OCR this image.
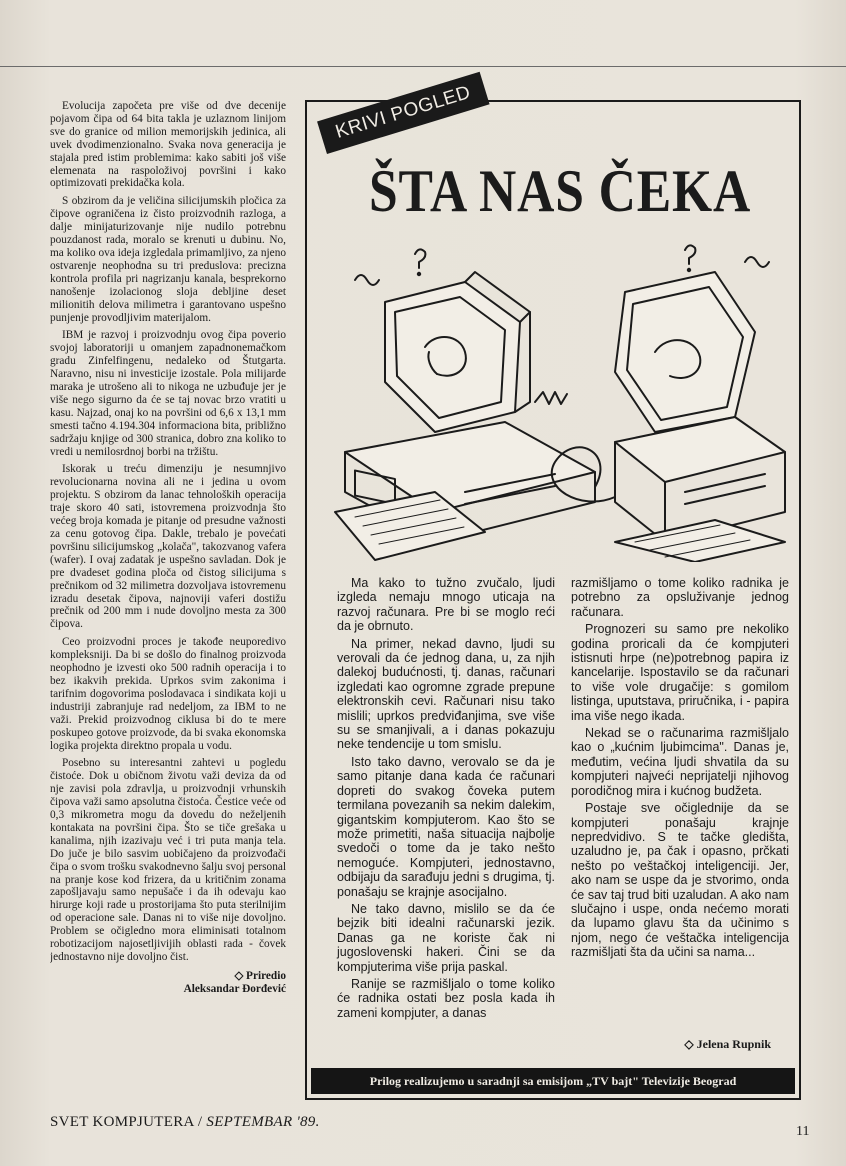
Evolucija započeta pre više od dve decenije pojavom čipa od 64 bita takla je uzlaznom linijom sve do granice od milion memorijskih jedinica, ali uvek dvodimenzionalno. Svaka nova generacija je stajala pred istim problemima: kako sabiti još više elemenata na raspoloživoj površini i kako optimizovati prekidačka kola.

S obzirom da je veličina silicijumskih pločica za čipove ograničena iz čisto proizvodnih razloga, a dalje minijaturizovanje nije nudilo potrebnu pouzdanost rada, moralo se krenuti u dubinu. No, ma koliko ova ideja izgledala primamljivo, za njeno ostvarenje neophodna su tri preduslova: precizna kontrola profila pri nagrizanju kanala, besprekorno nanošenje izolacionog sloja debljine deset milionitih delova milimetra i garantovano uspešno punjenje provodljivim materijalom.

IBM je razvoj i proizvodnju ovog čipa poverio svojoj laboratoriji u omanjem zapadnonemačkom gradu Zinfelfingenu, nedaleko od Štutgarta. Naravno, nisu ni investicije izostale. Pola milijarde maraka je utrošeno ali to nikoga ne uzbuđuje jer je više nego sigurno da će se taj novac brzo vratiti u kasu. Najzad, onaj ko na površini od 6,6 x 13,1 mm smesti tačno 4.194.304 informaciona bita, približno sadržaju knjige od 300 stranica, dobro zna koliko to vredi u nemilosrdnoj borbi na tržištu.

Iskorak u treću dimenziju je nesumnjivo revolucionarna novina ali ne i jedina u ovom projektu. S obzirom da lanac tehnoloških operacija traje skoro 40 sati, istovremena proizvodnja što većeg broja komada je pitanje od presudne važnosti za cenu gotovog čipa. Dakle, trebalo je povećati površinu silicijumskog „kolača", takozvanog vafera (wafer). I ovaj zadatak je uspešno savladan. Dok je pre dvadeset godina ploča od čistog silicijuma s prečnikom od 32 milimetra dozvoljava istovremenu izradu desetak čipova, najnoviji vaferi dostižu prečnik od 200 mm i nude dovoljno mesta za 300 čipova.

Ceo proizvodni proces je takođe neuporedivo kompleksniji. Da bi se došlo do finalnog proizvoda neophodno je izvesti oko 500 radnih operacija i to bez ikakvih prekida. Uprkos svim zakonima i tarifnim dogovorima poslodavaca i sindikata koji u industriji zabranjuje rad nedeljom, za IBM to ne važi. Prekid proizvodnog ciklusa bi do te mere poskupeo gotove proizvode, da bi svaka ekonomska logika projekta direktno propala u vodu.

Posebno su interesantni zahtevi u pogledu čistoće. Dok u običnom životu važi deviza da od nje zavisi pola zdravlja, u proizvodnji vrhunskih čipova važi samo apsolutna čistoća. Čestice veće od 0,3 mikrometra mogu da dovedu do neželjenih kontakata na površini čipa. Što se tiče grešaka u kanalima, njih izazivaju već i tri puta manja tela. Do juče je bilo sasvim uobičajeno da proizvođači čipa o svom trošku svakodnevno šalju svoj personal na pranje kose kod frizera, da u kritičnim zonama zapošljavaju samo nepušače i da ih odevaju kao hirurge koji rade u prostorijama što puta sterilnijim od operacione sale. Danas ni to više nije dovoljno. Problem se očigledno mora eliminisati totalnom robotizacijom najosetljivijih oblasti rada - čovek jednostavno nije dovoljno čist.

◇ Priredio
Aleksandar Đorđević

KRIVI POGLED
ŠTA NAS ČEKA

Ma kako to tužno zvučalo, ljudi izgleda nemaju mnogo uticaja na razvoj računara. Pre bi se moglo reći da je obrnuto.

Na primer, nekad davno, ljudi su verovali da će jednog dana, u, za njih dalekoj budućnosti, tj. danas, računari izgledati kao ogromne zgrade prepune elektronskih cevi. Računari nisu tako mislili; uprkos predviđanjima, sve više su se smanjivali, a i danas pokazuju neke tendencije u tom smislu.

Isto tako davno, verovalo se da je samo pitanje dana kada će računari dopreti do svakog čoveka putem termilana povezanih sa nekim dalekim, gigantskim kompjuterom. Kao što se može primetiti, naša situacija najbolje svedoči o tome da je tako nešto nemoguće. Kompjuteri, jednostavno, odbijaju da sarađuju jedni s drugima, tj. ponašaju se krajnje asocijalno.

Ne tako davno, mislilo se da će bejzik biti idealni računarski jezik. Danas ga ne koriste čak ni jugoslovenski hakeri. Čini se da kompjuterima više prija paskal.

Ranije se razmišljalo o tome koliko će radnika ostati bez posla kada ih zameni kompjuter, a danas

razmišljamo o tome koliko radnika je potrebno za opsluživanje jednog računara.

Prognozeri su samo pre nekoliko godina proricali da će kompjuteri istisnuti hrpe (ne)potrebnog papira iz kancelarije. Ispostavilo se da računari to više vole drugačije: s gomilom listinga, uputstava, priručnika, i - papira ima više nego ikada.

Nekad se o računarima razmišljalo kao o „kućnim ljubimcima". Danas je, međutim, većina ljudi shvatila da su kompjuteri najveći neprijatelji njihovog porodičnog mira i kućnog budžeta.

Postaje sve očiglednije da se kompjuteri ponašaju krajnje nepredvidivo. S te tačke gledišta, uzaludno je, pa čak i opasno, prčkati nešto po veštačkoj inteligenciji. Jer, ako nam se uspe da je stvorimo, onda će sav taj trud biti uzaludan. A ako nam slučajno i uspe, onda nećemo morati da lupamo glavu šta da učinimo s njom, nego će veštačka inteligencija razmišljati šta da učini sa nama...

◇ Jelena Rupnik
Prilog realizujemo u saradnji sa emisijom „TV bajt" Televizije Beograd
SVET KOMPJUTERA / SEPTEMBAR '89.
11
